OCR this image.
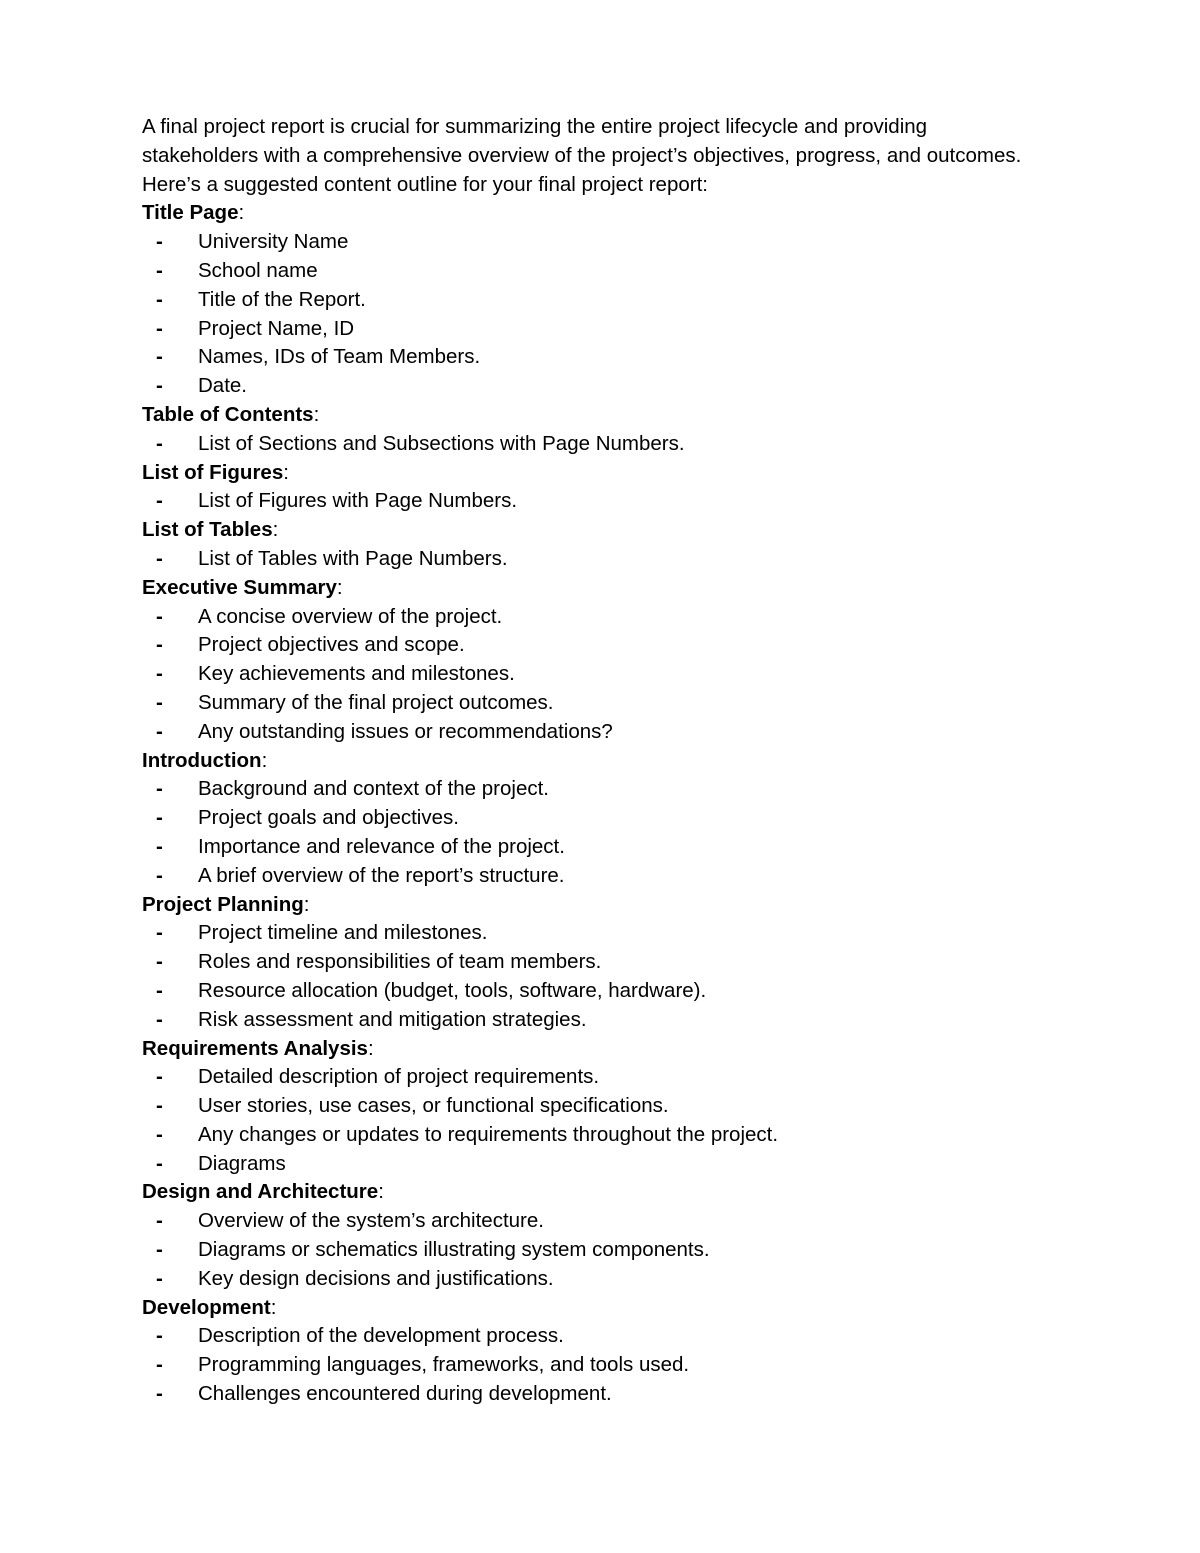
A final project report is crucial for summarizing the entire project lifecycle and providing stakeholders with a comprehensive overview of the project’s objectives, progress, and outcomes. Here’s a suggested content outline for your final project report:

Title Page:

- University Name
- School name
- Title of the Report.
- Project Name, ID
- Names, IDs of Team Members.
- Date.

Table of Contents:

- List of Sections and Subsections with Page Numbers.

List of Figures:

- List of Figures with Page Numbers.

List of Tables:

- List of Tables with Page Numbers.

Executive Summary:

- A concise overview of the project.
- Project objectives and scope.
- Key achievements and milestones.
- Summary of the final project outcomes.
- Any outstanding issues or recommendations?

Introduction:

- Background and context of the project.
- Project goals and objectives.
- Importance and relevance of the project.
- A brief overview of the report’s structure.

Project Planning:

- Project timeline and milestones.
- Roles and responsibilities of team members.
- Resource allocation (budget, tools, software, hardware).
- Risk assessment and mitigation strategies.

Requirements Analysis:

- Detailed description of project requirements.
- User stories, use cases, or functional specifications.
- Any changes or updates to requirements throughout the project.
- Diagrams

Design and Architecture:

- Overview of the system’s architecture.
- Diagrams or schematics illustrating system components.
- Key design decisions and justifications.

Development:

- Description of the development process.
- Programming languages, frameworks, and tools used.
- Challenges encountered during development.
